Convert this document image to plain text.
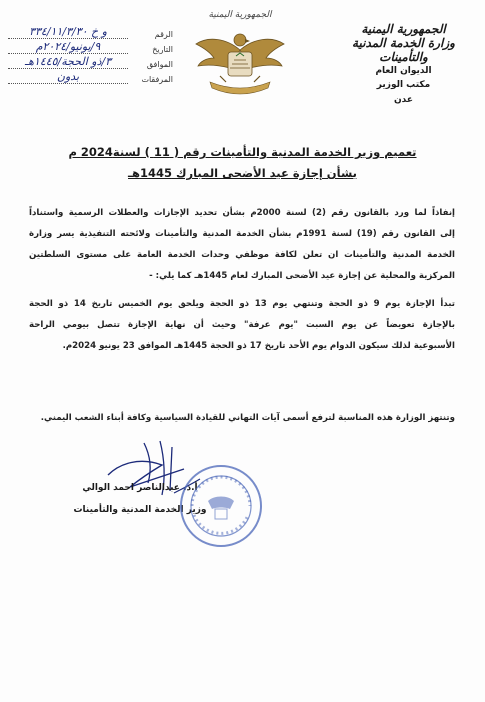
الجمهورية اليمنية
وزارة الخدمة المدنية والتأمينات
الديوان العام
مكتب الوزير
عدن
الجمهورية اليمنية
الرقم
و خ ٣٣٤/١١/٣/٣٠
التاريخ
٩/يونيو/٢٠٢٤م
الموافق
٣/ذو الحجة/١٤٤٥هـ
المرفقات
بدون
تعميم وزير الخدمة المدنية والتأمينات رقم ( 11 ) لسنة2024 م
بشأن إجازة عيد الأضحى المبارك 1445هـ
إنفاذاً لما ورد بالقانون رقم (2) لسنة 2000م بشأن تحديد الإجازات والعطلات الرسمية واستناداً
إلى القانون رقم (19) لسنة 1991م بشأن الخدمة المدنية والتأمينات ولائحته التنفيذية يسر وزارة
الخدمة المدنية والتأمينات ان تعلن لكافة موظفي وحدات الخدمة العامة على مستوى السلطتين
المركزية والمحلية عن إجازة عيد الأضحى المبارك لعام 1445هـ كما يلي: -
تبدأ الإجازة يوم 9 ذو الحجة وتنتهي يوم 13 ذو الحجة ويلحق يوم الخميس تاريخ 14 ذو الحجة
بالإجازة تعويضاً عن يوم السبت "يوم عرفة" وحيث أن نهاية الإجازة تتصل بيومي الراحة
الأسبوعية لذلك سيكون الدوام يوم الأحد تاريخ 17 ذو الحجة 1445هـ الموافق 23 يونيو 2024م.
وتنتهز الوزارة هذه المناسبة لترفع أسمى آيات التهاني للقيادة السياسية وكافة أبناء الشعب اليمني.
أ.د. عبدالناصر احمد الوالي
وزير الخدمة المدنية والتأمينات
